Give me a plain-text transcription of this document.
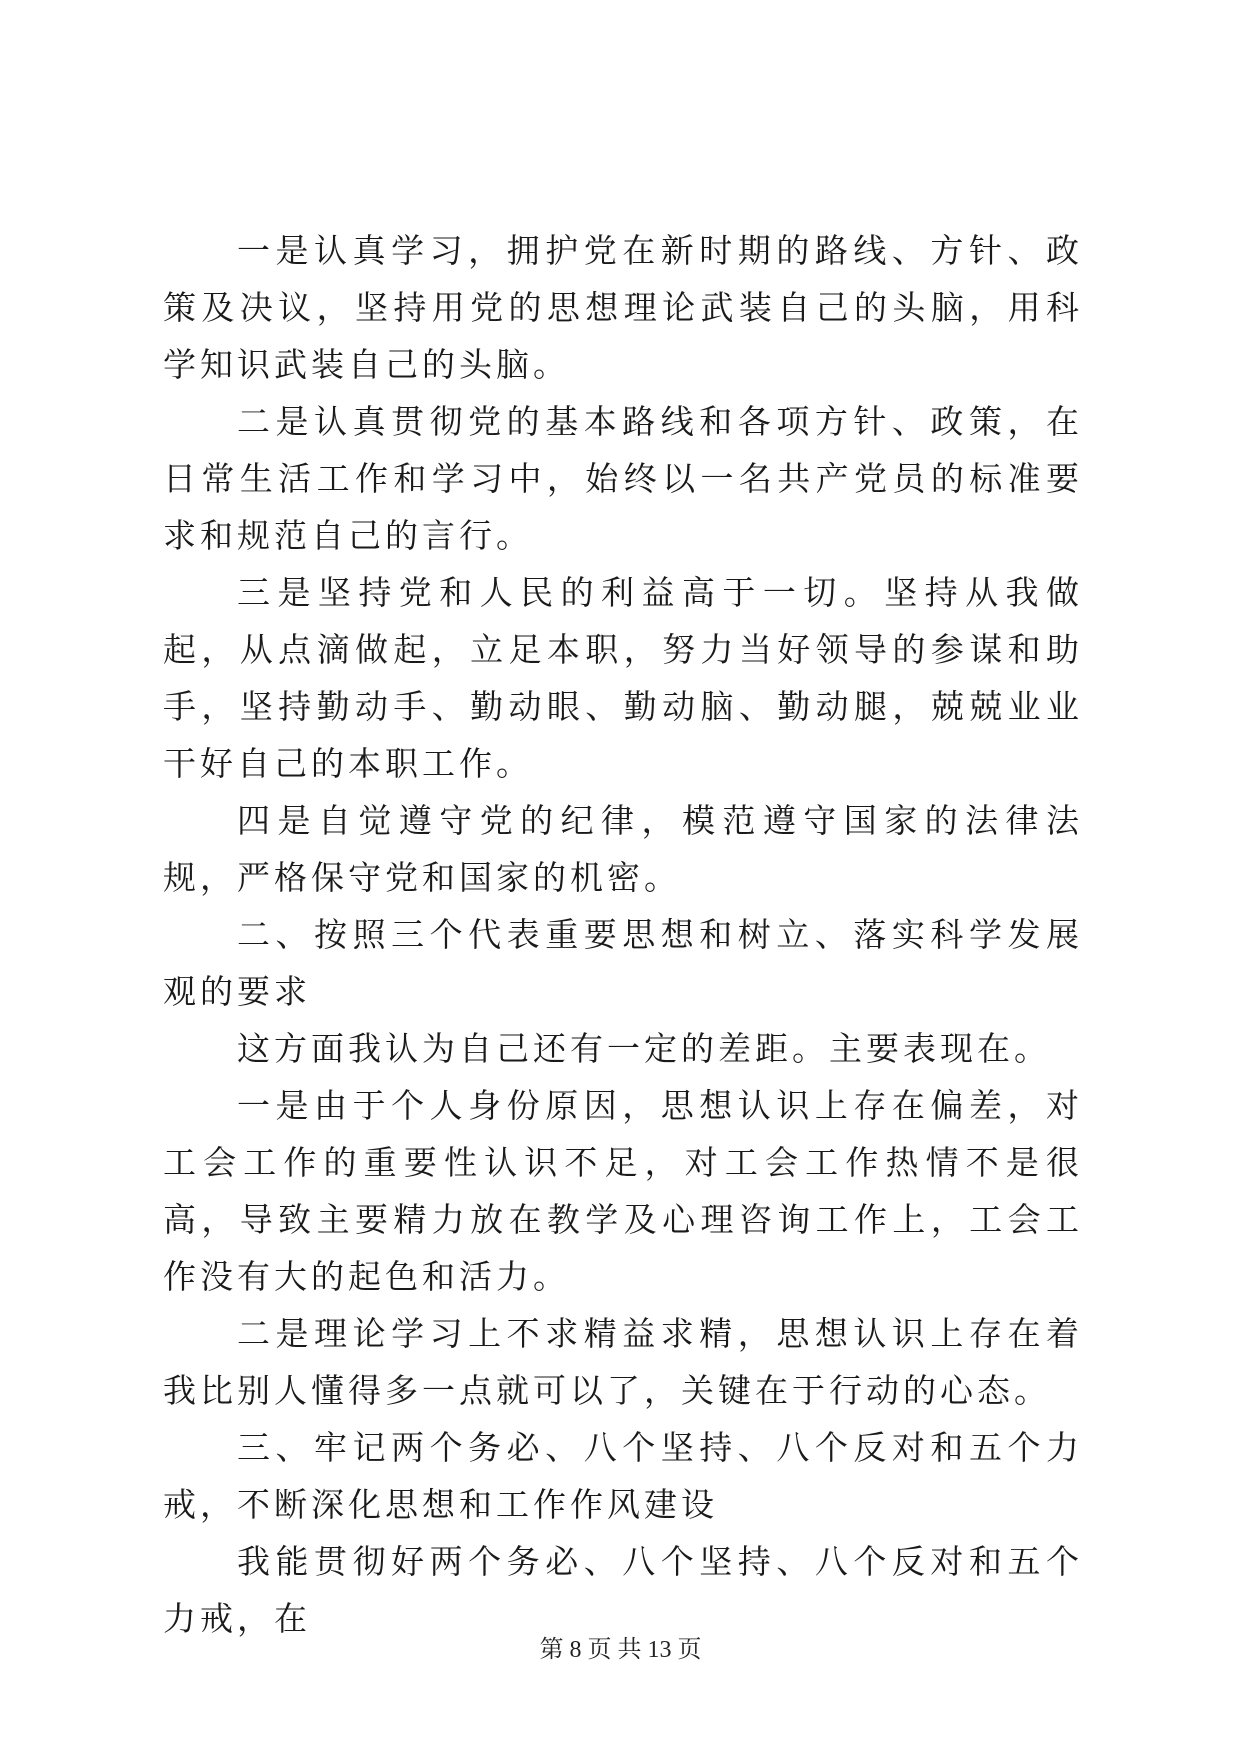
一是认真学习，拥护党在新时期的路线、方针、政策及决议，坚持用党的思想理论武装自己的头脑，用科学知识武装自己的头脑。

二是认真贯彻党的基本路线和各项方针、政策，在日常生活工作和学习中，始终以一名共产党员的标准要求和规范自己的言行。

三是坚持党和人民的利益高于一切。坚持从我做起，从点滴做起，立足本职，努力当好领导的参谋和助手，坚持勤动手、勤动眼、勤动脑、勤动腿，兢兢业业干好自己的本职工作。

四是自觉遵守党的纪律，模范遵守国家的法律法规，严格保守党和国家的机密。

二、按照三个代表重要思想和树立、落实科学发展观的要求

这方面我认为自己还有一定的差距。主要表现在。

一是由于个人身份原因，思想认识上存在偏差，对工会工作的重要性认识不足，对工会工作热情不是很高，导致主要精力放在教学及心理咨询工作上，工会工作没有大的起色和活力。

二是理论学习上不求精益求精，思想认识上存在着我比别人懂得多一点就可以了，关键在于行动的心态。

三、牢记两个务必、八个坚持、八个反对和五个力戒，不断深化思想和工作作风建设

我能贯彻好两个务必、八个坚持、八个反对和五个力戒，在

第 8 页 共 13 页
